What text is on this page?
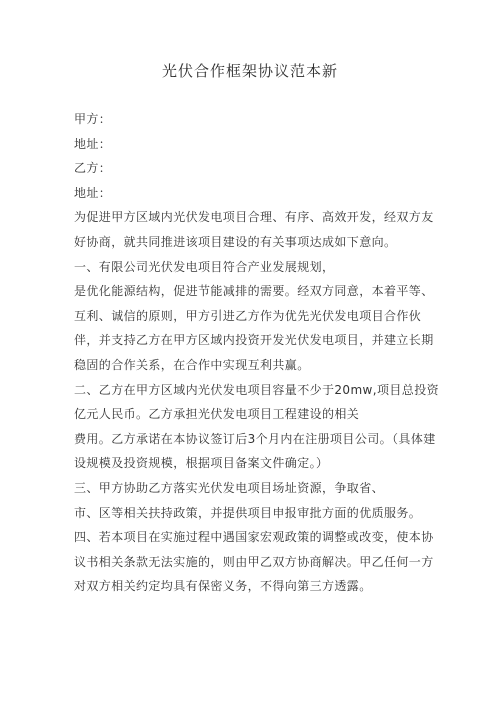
光伏合作框架协议范本新
甲方：
地址：
乙方：
地址：
为促进甲方区域内光伏发电项目合理、有序、高效开发，经双方友
好协商，就共同推进该项目建设的有关事项达成如下意向。
一、有限公司光伏发电项目符合产业发展规划，
是优化能源结构，促进节能减排的需要。经双方同意，本着平等、
互利、诚信的原则，甲方引进乙方作为优先光伏发电项目合作伙
伴，并支持乙方在甲方区域内投资开发光伏发电项目，并建立长期
稳固的合作关系，在合作中实现互利共赢。
二、乙方在甲方区域内光伏发电项目容量不少于20mw,项目总投资
亿元人民币。乙方承担光伏发电项目工程建设的相关
费用。乙方承诺在本协议签订后3个月内在注册项目公司。（具体建
设规模及投资规模，根据项目备案文件确定。）
三、甲方协助乙方落实光伏发电项目场址资源，争取省、
市、区等相关扶持政策，并提供项目申报审批方面的优质服务。
四、若本项目在实施过程中遇国家宏观政策的调整或改变，使本协
议书相关条款无法实施的，则由甲乙双方协商解决。甲乙任何一方
对双方相关约定均具有保密义务，不得向第三方透露。
